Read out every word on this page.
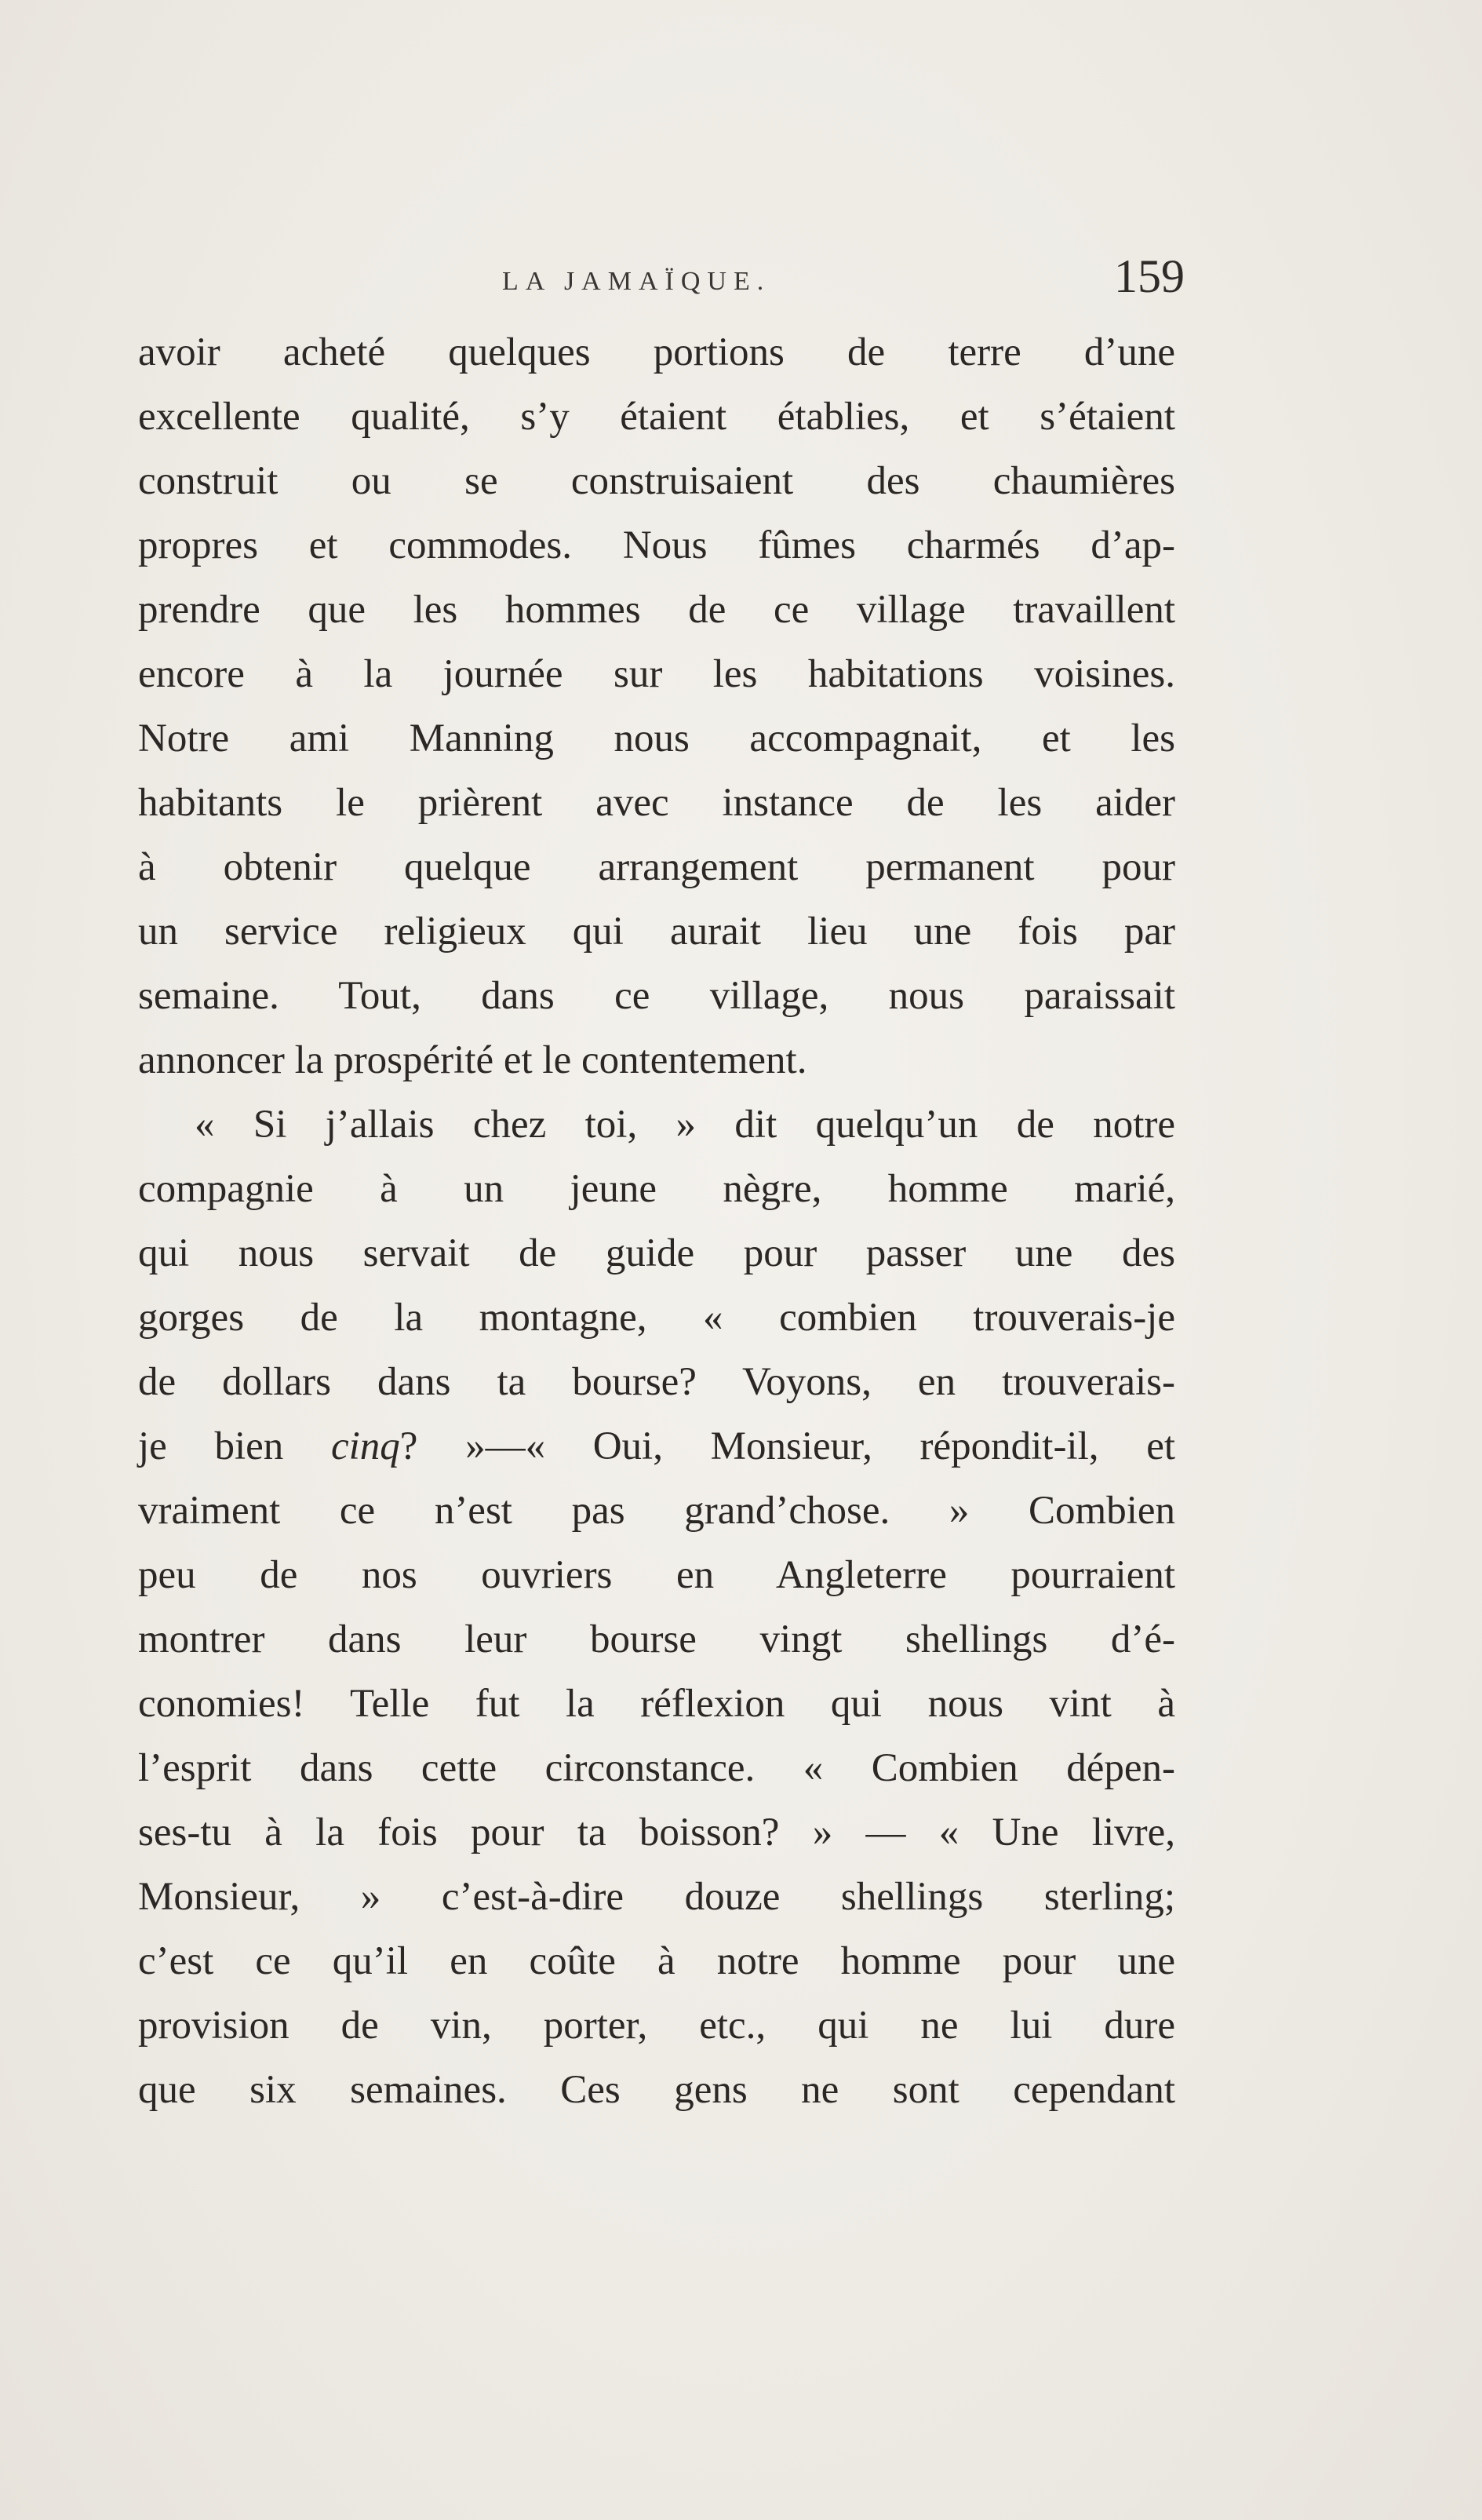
LA JAMAÏQUE.	159
avoir acheté quelques portions de terre d’une
excellente qualité, s’y étaient établies, et s’étaient
construit ou se construisaient des chaumières
propres et commodes. Nous fûmes charmés d’ap-
prendre que les hommes de ce village travaillent
encore à la journée sur les habitations voisines.
Notre ami Manning nous accompagnait, et les
habitants le prièrent avec instance de les aider
à obtenir quelque arrangement permanent pour
un service religieux qui aurait lieu une fois par
semaine. Tout, dans ce village, nous paraissait
annoncer la prospérité et le contentement.
« Si j’allais chez toi, » dit quelqu’un de notre
compagnie à un jeune nègre, homme marié,
qui nous servait de guide pour passer une des
gorges de la montagne, « combien trouverais-je
de dollars dans ta bourse? Voyons, en trouverais-
je bien cinq? »—« Oui, Monsieur, répondit-il, et
vraiment ce n’est pas grand’chose. » Combien
peu de nos ouvriers en Angleterre pourraient
montrer dans leur bourse vingt shellings d’é-
conomies! Telle fut la réflexion qui nous vint à
l’esprit dans cette circonstance. « Combien dépen-
ses-tu à la fois pour ta boisson? » — « Une livre,
Monsieur, » c’est-à-dire douze shellings sterling;
c’est ce qu’il en coûte à notre homme pour une
provision de vin, porter, etc., qui ne lui dure
que six semaines. Ces gens ne sont cependant
